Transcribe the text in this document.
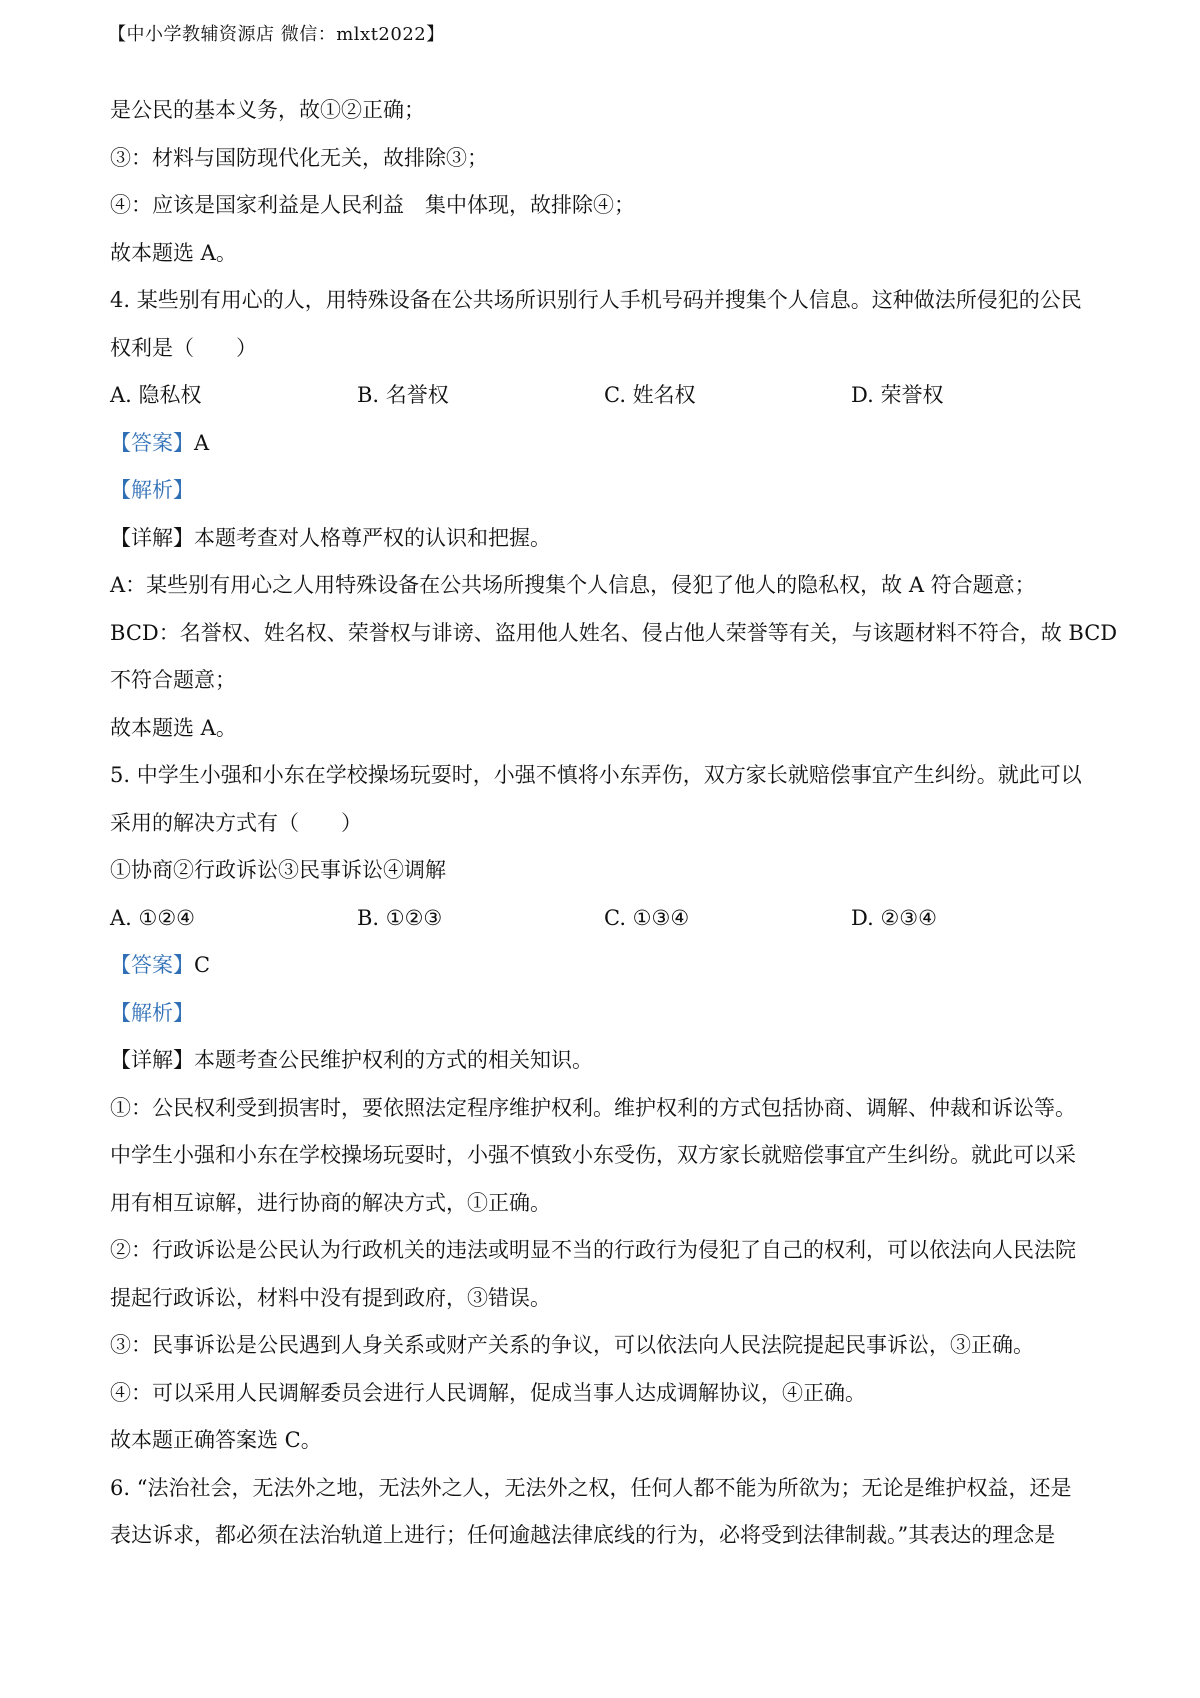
【中小学教辅资源店 微信：mlxt2022】
是公民的基本义务，故①②正确；
③：材料与国防现代化无关，故排除③；
④：应该是国家利益是人民利益　集中体现，故排除④；
故本题选 A。
4. 某些别有用心的人，用特殊设备在公共场所识别行人手机号码并搜集个人信息。这种做法所侵犯的公民
权利是（　　）
A. 隐私权	B. 名誉权	C. 姓名权	D. 荣誉权
【答案】A
【解析】
【详解】本题考查对人格尊严权的认识和把握。
A：某些别有用心之人用特殊设备在公共场所搜集个人信息，侵犯了他人的隐私权，故 A 符合题意；
BCD：名誉权、姓名权、荣誉权与诽谤、盗用他人姓名、侵占他人荣誉等有关，与该题材料不符合，故 BCD
不符合题意；
故本题选 A。
5. 中学生小强和小东在学校操场玩耍时，小强不慎将小东弄伤，双方家长就赔偿事宜产生纠纷。就此可以
采用的解决方式有（　　）
①协商②行政诉讼③民事诉讼④调解
A. ①②④	B. ①②③	C. ①③④	D. ②③④
【答案】C
【解析】
【详解】本题考查公民维护权利的方式的相关知识。
①：公民权利受到损害时，要依照法定程序维护权利。维护权利的方式包括协商、调解、仲裁和诉讼等。
中学生小强和小东在学校操场玩耍时，小强不慎致小东受伤，双方家长就赔偿事宜产生纠纷。就此可以采
用有相互谅解，进行协商的解决方式，①正确。
②：行政诉讼是公民认为行政机关的违法或明显不当的行政行为侵犯了自己的权利，可以依法向人民法院
提起行政诉讼，材料中没有提到政府，③错误。
③：民事诉讼是公民遇到人身关系或财产关系的争议，可以依法向人民法院提起民事诉讼，③正确。
④：可以采用人民调解委员会进行人民调解，促成当事人达成调解协议，④正确。
故本题正确答案选 C。
6. “法治社会，无法外之地，无法外之人，无法外之权，任何人都不能为所欲为；无论是维护权益，还是
表达诉求，都必须在法治轨道上进行；任何逾越法律底线的行为，必将受到法律制裁。”其表达的理念是
